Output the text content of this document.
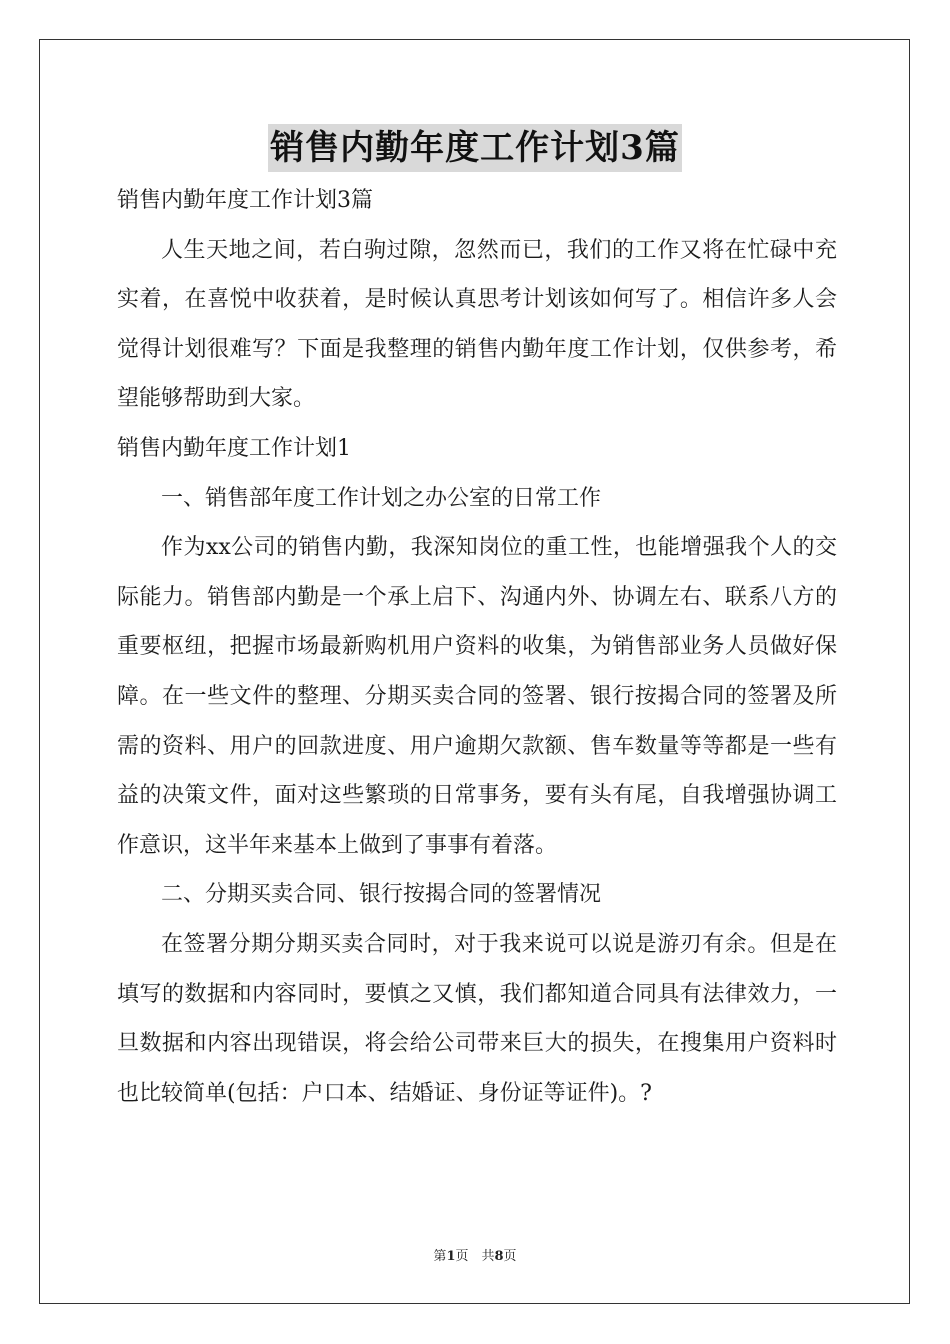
销售内勤年度工作计划3篇

销售内勤年度工作计划3篇

人生天地之间，若白驹过隙，忽然而已，我们的工作又将在忙碌中充实着，在喜悦中收获着，是时候认真思考计划该如何写了。相信许多人会觉得计划很难写？下面是我整理的销售内勤年度工作计划，仅供参考，希望能够帮助到大家。

销售内勤年度工作计划1

一、销售部年度工作计划之办公室的日常工作

作为xx公司的销售内勤，我深知岗位的重工性，也能增强我个人的交际能力。销售部内勤是一个承上启下、沟通内外、协调左右、联系八方的重要枢纽，把握市场最新购机用户资料的收集，为销售部业务人员做好保障。在一些文件的整理、分期买卖合同的签署、银行按揭合同的签署及所需的资料、用户的回款进度、用户逾期欠款额、售车数量等等都是一些有益的决策文件，面对这些繁琐的日常事务，要有头有尾，自我增强协调工作意识，这半年来基本上做到了事事有着落。

二、分期买卖合同、银行按揭合同的签署情况

在签署分期分期买卖合同时，对于我来说可以说是游刃有余。但是在填写的数据和内容同时，要慎之又慎，我们都知道合同具有法律效力，一旦数据和内容出现错误，将会给公司带来巨大的损失，在搜集用户资料时也比较简单(包括：户口本、结婚证、身份证等证件)。?

第1页　共8页
